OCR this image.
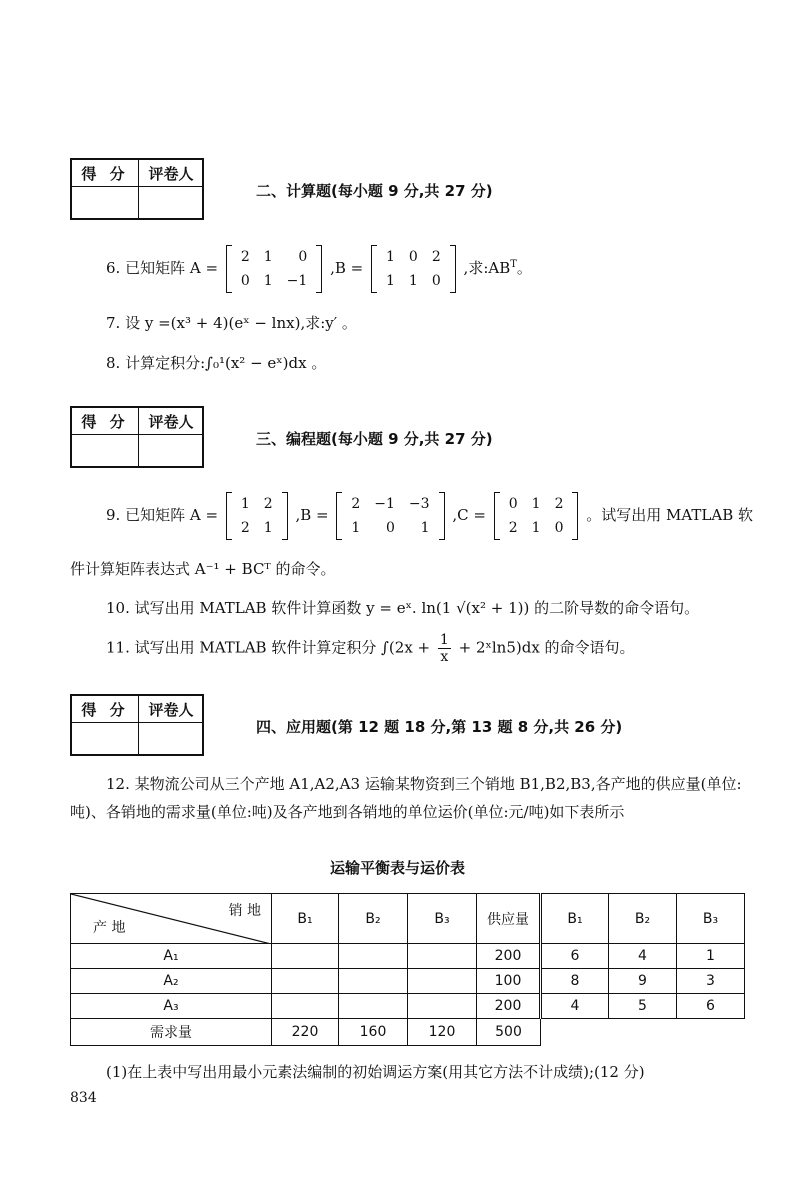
得 分	评卷人
二、计算题(每小题 9 分,共 27 分)
6. 已知矩阵 A =
2	1	0
0	1	−1
,B =
1	0	2
1	1	0
,求$:AB^T$。
7. 设 y =(x³ + 4)(eˣ − lnx),求:y′ 。
8. 计算定积分:∫₀¹(x² − eˣ)dx 。
得 分	评卷人
三、编程题(每小题 9 分,共 27 分)
9. 已知矩阵 A =
1	2
2	1
,B =
2	−1	−3
1	0	1
,C =
0	1	2
2	1	0
。试写出用 MATLAB 软
件计算矩阵表达式 A⁻¹ + BCᵀ 的命令。
10. 试写出用 MATLAB 软件计算函数 y = eˣ. ln(1 √(x² + 1)) 的二阶导数的命令语句。
11. 试写出用 MATLAB 软件计算定积分 $\int(2x + \frac{1}{x}$ + 2ˣln5)dx 的命令语句。
得 分	评卷人
四、应用题(第 12 题 18 分,第 13 题 8 分,共 26 分)
12. 某物流公司从三个产地 A1,A2,A3 运输某物资到三个销地 B1,B2,B3,各产地的供应量(单位:吨)、各销地的需求量(单位:吨)及各产地到各销地的单位运价(单位:元/吨)如下表所示
运输平衡表与运价表
销 地
产 地	B₁	B₂	B₃	供应量	B₁	B₂	B₃
A₁				200	6	4	1
A₂				100	8	9	3
A₃				200	4	5	6
需求量	220	160	120	500			
(1)在上表中写出用最小元素法编制的初始调运方案(用其它方法不计成绩);(12 分)
834
